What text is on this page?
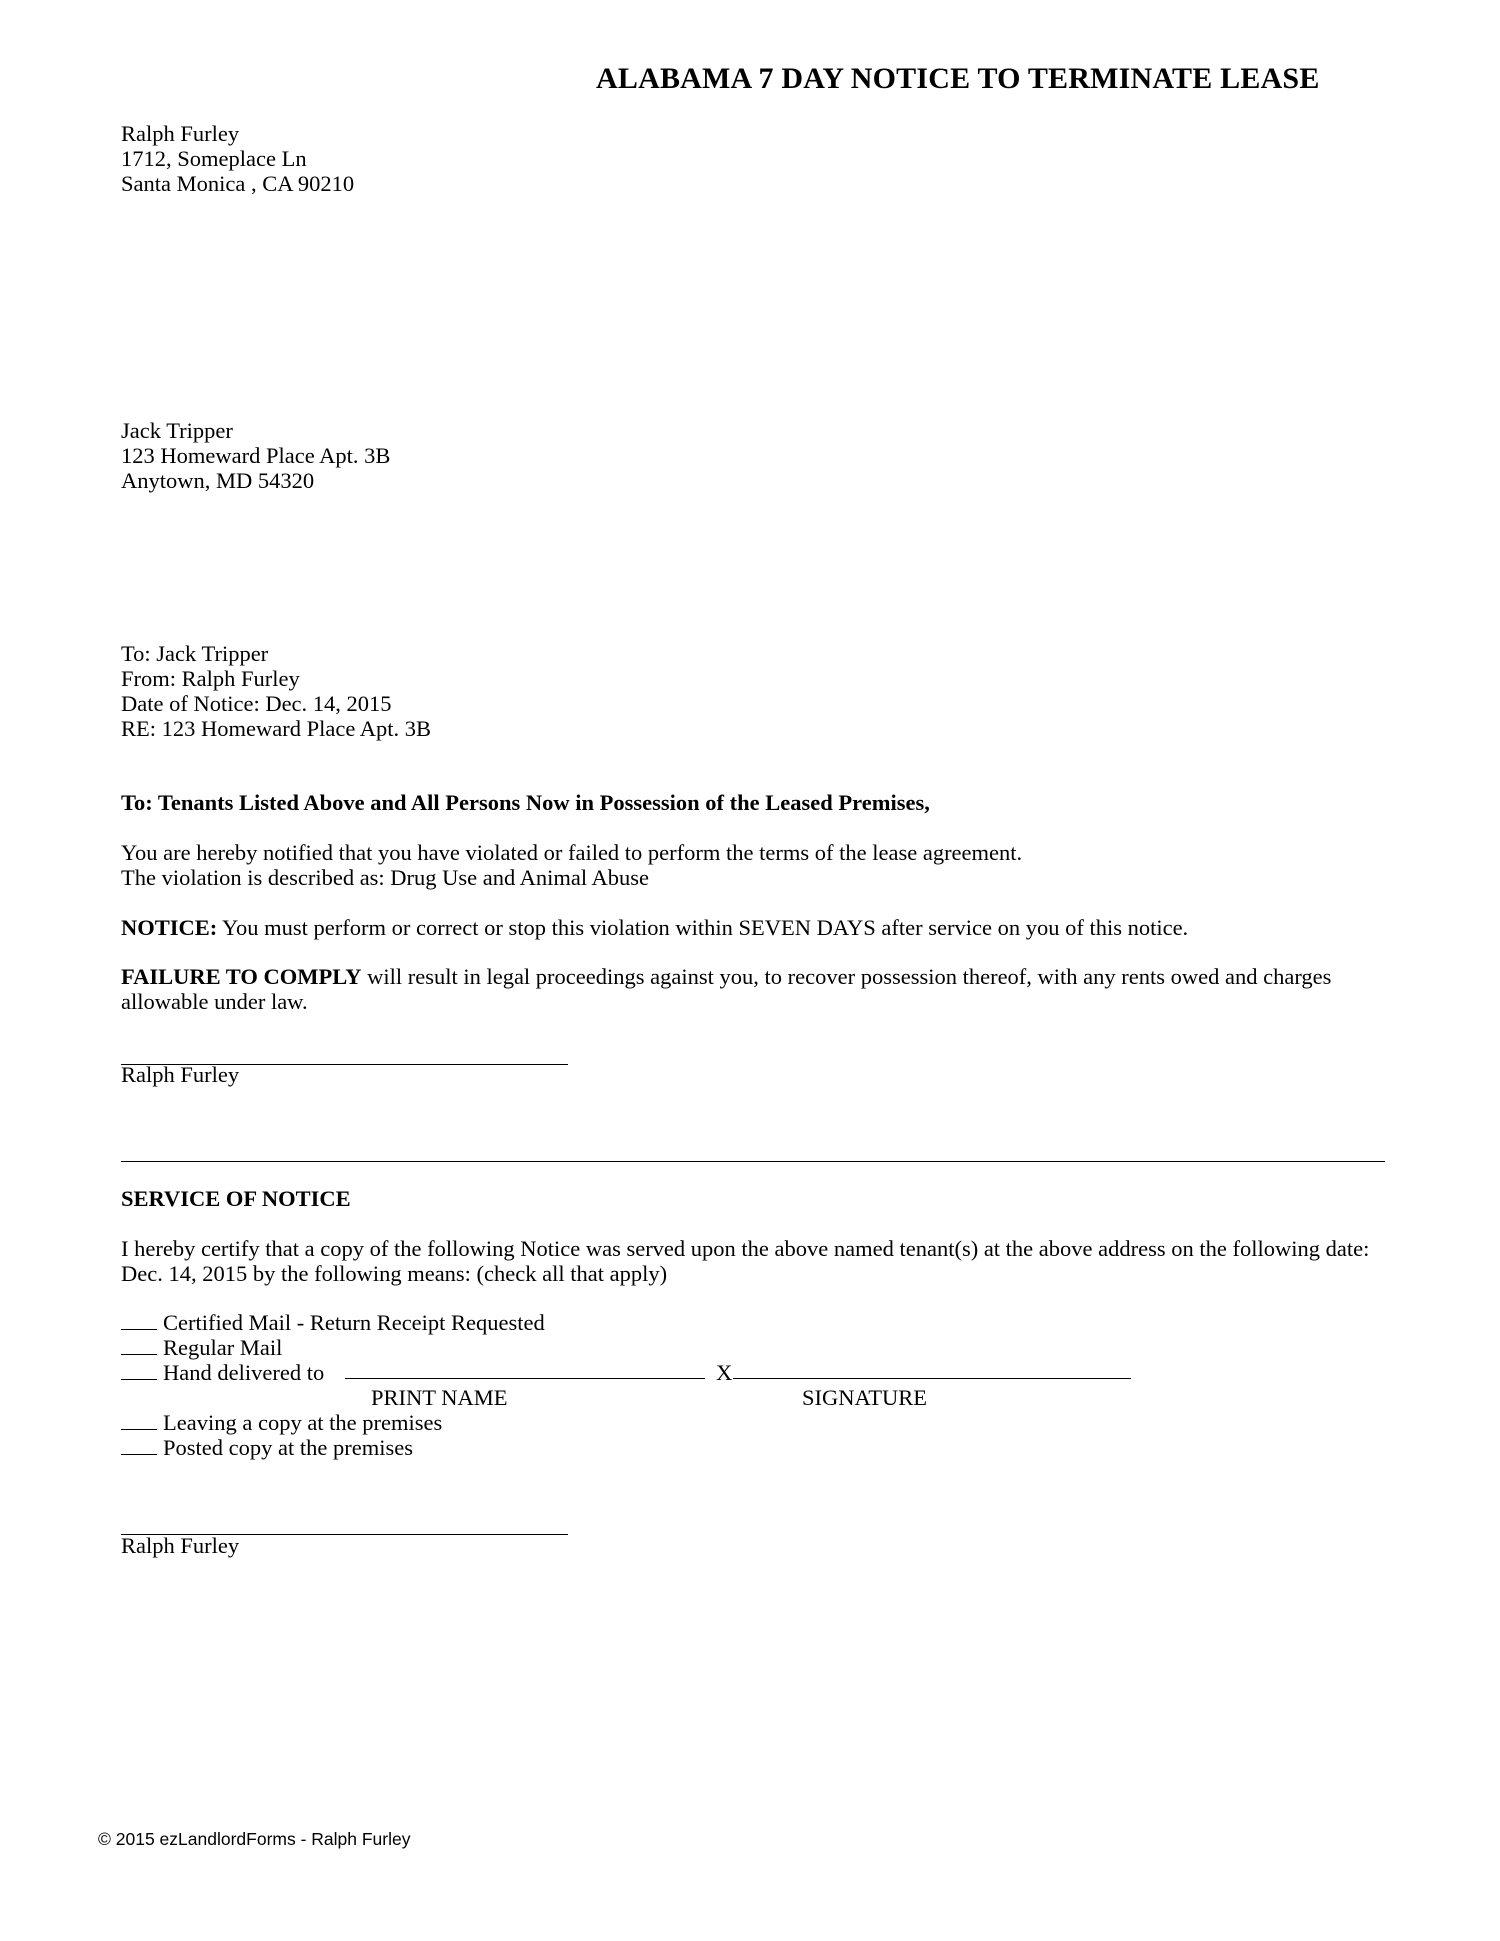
ALABAMA 7 DAY NOTICE TO TERMINATE LEASE
Ralph Furley
1712, Someplace Ln
Santa Monica , CA 90210
Jack Tripper
123 Homeward Place Apt. 3B
Anytown, MD 54320
To: Jack Tripper
From: Ralph Furley
Date of Notice: Dec. 14, 2015
RE: 123 Homeward Place Apt. 3B
To: Tenants Listed Above and All Persons Now in Possession of the Leased Premises,
You are hereby notified that you have violated or failed to perform the terms of the lease agreement.
The violation is described as: Drug Use and Animal Abuse
NOTICE: You must perform or correct or stop this violation within SEVEN DAYS after service on you of this notice.
FAILURE TO COMPLY will result in legal proceedings against you, to recover possession thereof, with any rents owed and charges allowable under law.
Ralph Furley
SERVICE OF NOTICE
I hereby certify that a copy of the following Notice was served upon the above named tenant(s) at the above address on the following date: Dec. 14, 2015 by the following means: (check all that apply)
Certified Mail - Return Receipt Requested
Regular Mail
Hand delivered to	X
PRINT NAME	SIGNATURE
Leaving a copy at the premises
Posted copy at the premises
Ralph Furley
© 2015 ezLandlordForms - Ralph Furley
